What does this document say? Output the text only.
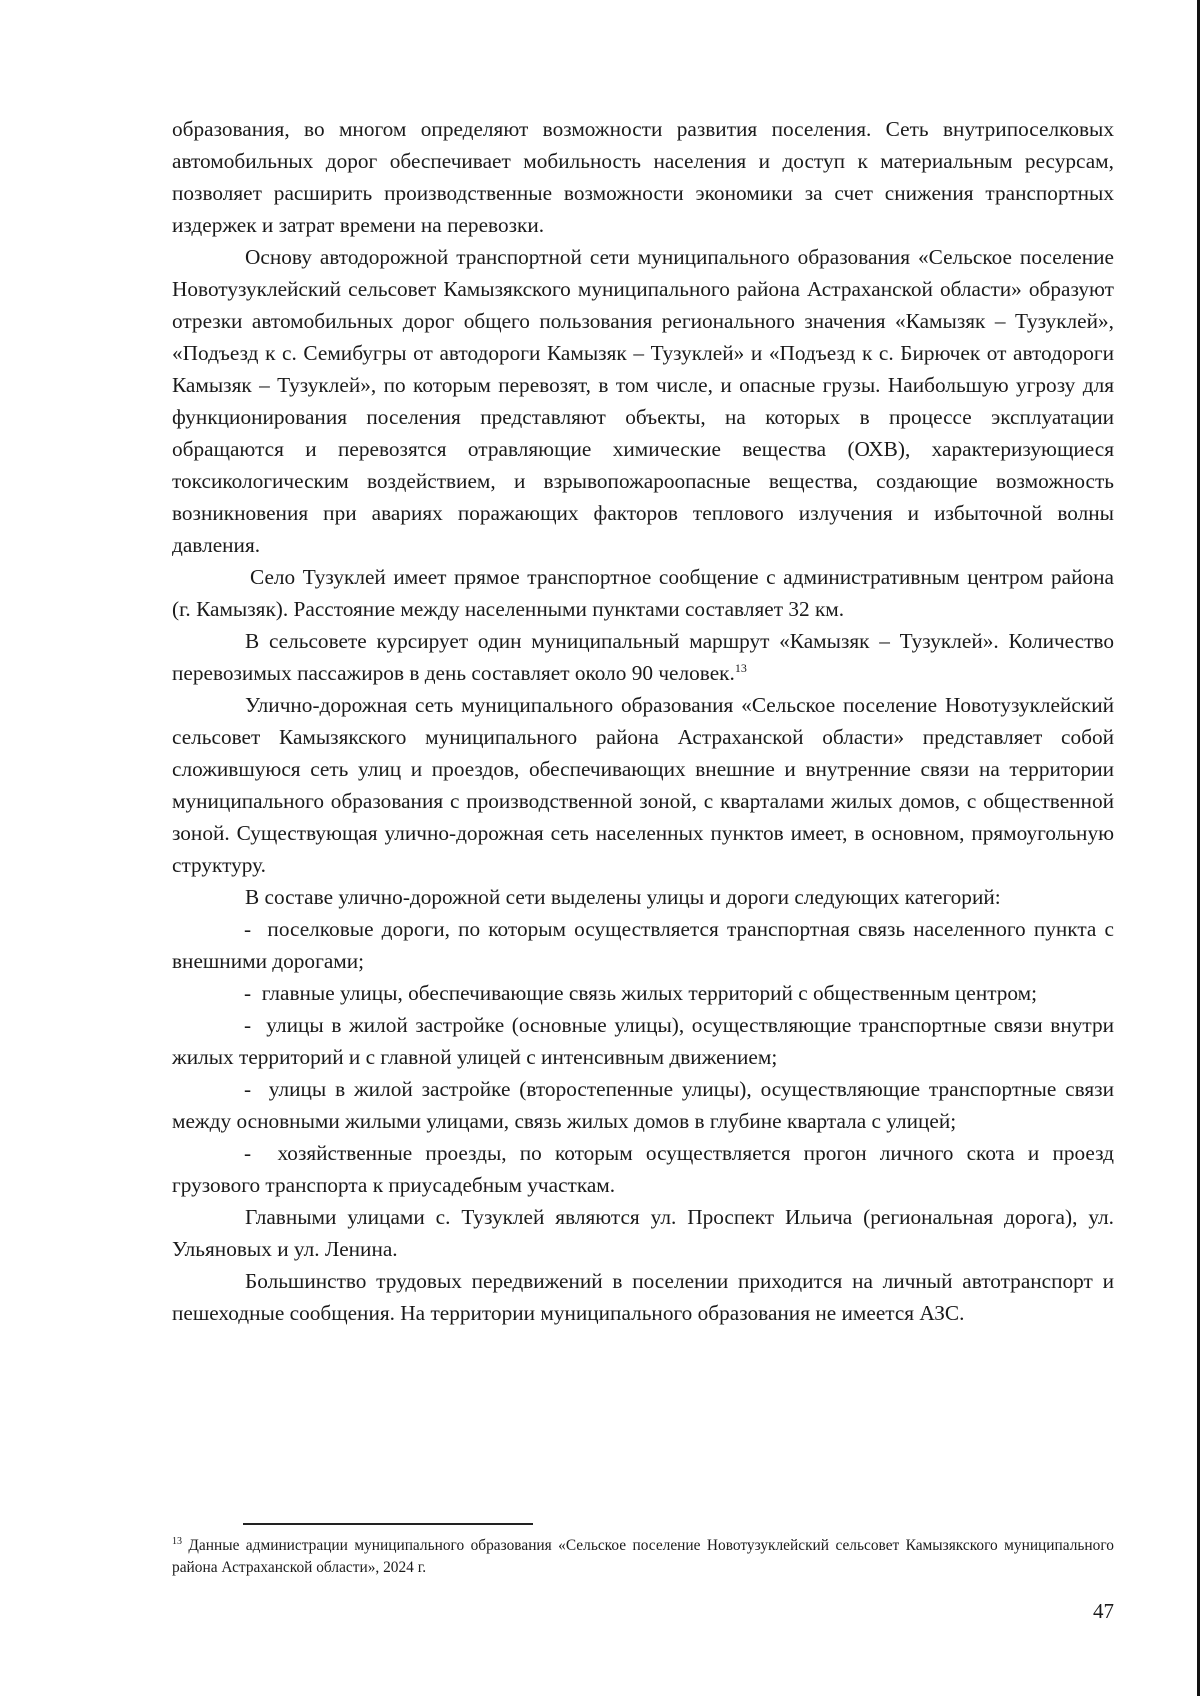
образования, во многом определяют возможности развития поселения. Сеть внутрипоселковых автомобильных дорог обеспечивает мобильность населения и доступ к материальным ресурсам, позволяет расширить производственные возможности экономики за счет снижения транспортных издержек и затрат времени на перевозки.

Основу автодорожной транспортной сети муниципального образования «Сельское поселение Новотузуклейский сельсовет Камызякского муниципального района Астраханской области» образуют отрезки автомобильных дорог общего пользования регионального значения «Камызяк – Тузуклей», «Подъезд к с. Семибугры от автодороги Камызяк – Тузуклей» и «Подъезд к с. Бирючек от автодороги Камызяк – Тузуклей», по которым перевозят, в том числе, и опасные грузы. Наибольшую угрозу для функционирования поселения представляют объекты, на которых в процессе эксплуатации обращаются и перевозятся отравляющие химические вещества (ОХВ), характеризующиеся токсикологическим воздействием, и взрывопожароопасные вещества, создающие возможность возникновения при авариях поражающих факторов теплового излучения и избыточной волны давления.

Село Тузуклей имеет прямое транспортное сообщение с административным центром района (г. Камызяк). Расстояние между населенными пунктами составляет 32 км.

В сельсовете курсирует один муниципальный маршрут «Камызяк – Тузуклей». Количество перевозимых пассажиров в день составляет около 90 человек.$^{13}$

Улично-дорожная сеть муниципального образования «Сельское поселение Новотузуклейский сельсовет Камызякского муниципального района Астраханской области» представляет собой сложившуюся сеть улиц и проездов, обеспечивающих внешние и внутренние связи на территории муниципального образования с производственной зоной, с кварталами жилых домов, с общественной зоной. Существующая улично-дорожная сеть населенных пунктов имеет, в основном, прямоугольную структуру.

В составе улично-дорожной сети выделены улицы и дороги следующих категорий:

- поселковые дороги, по которым осуществляется транспортная связь населенного пункта с внешними дорогами;

- главные улицы, обеспечивающие связь жилых территорий с общественным центром;

- улицы в жилой застройке (основные улицы), осуществляющие транспортные связи внутри жилых территорий и с главной улицей с интенсивным движением;

- улицы в жилой застройке (второстепенные улицы), осуществляющие транспортные связи между основными жилыми улицами, связь жилых домов в глубине квартала с улицей;

- хозяйственные проезды, по которым осуществляется прогон личного скота и проезд грузового транспорта к приусадебным участкам.

Главными улицами с. Тузуклей являются ул. Проспект Ильича (региональная дорога), ул. Ульяновых и ул. Ленина.

Большинство трудовых передвижений в поселении приходится на личный автотранспорт и пешеходные сообщения. На территории муниципального образования не имеется АЗС.

$^{13}$ Данные администрации муниципального образования «Сельское поселение Новотузуклейский сельсовет Камызякского муниципального района Астраханской области», 2024 г.
47
